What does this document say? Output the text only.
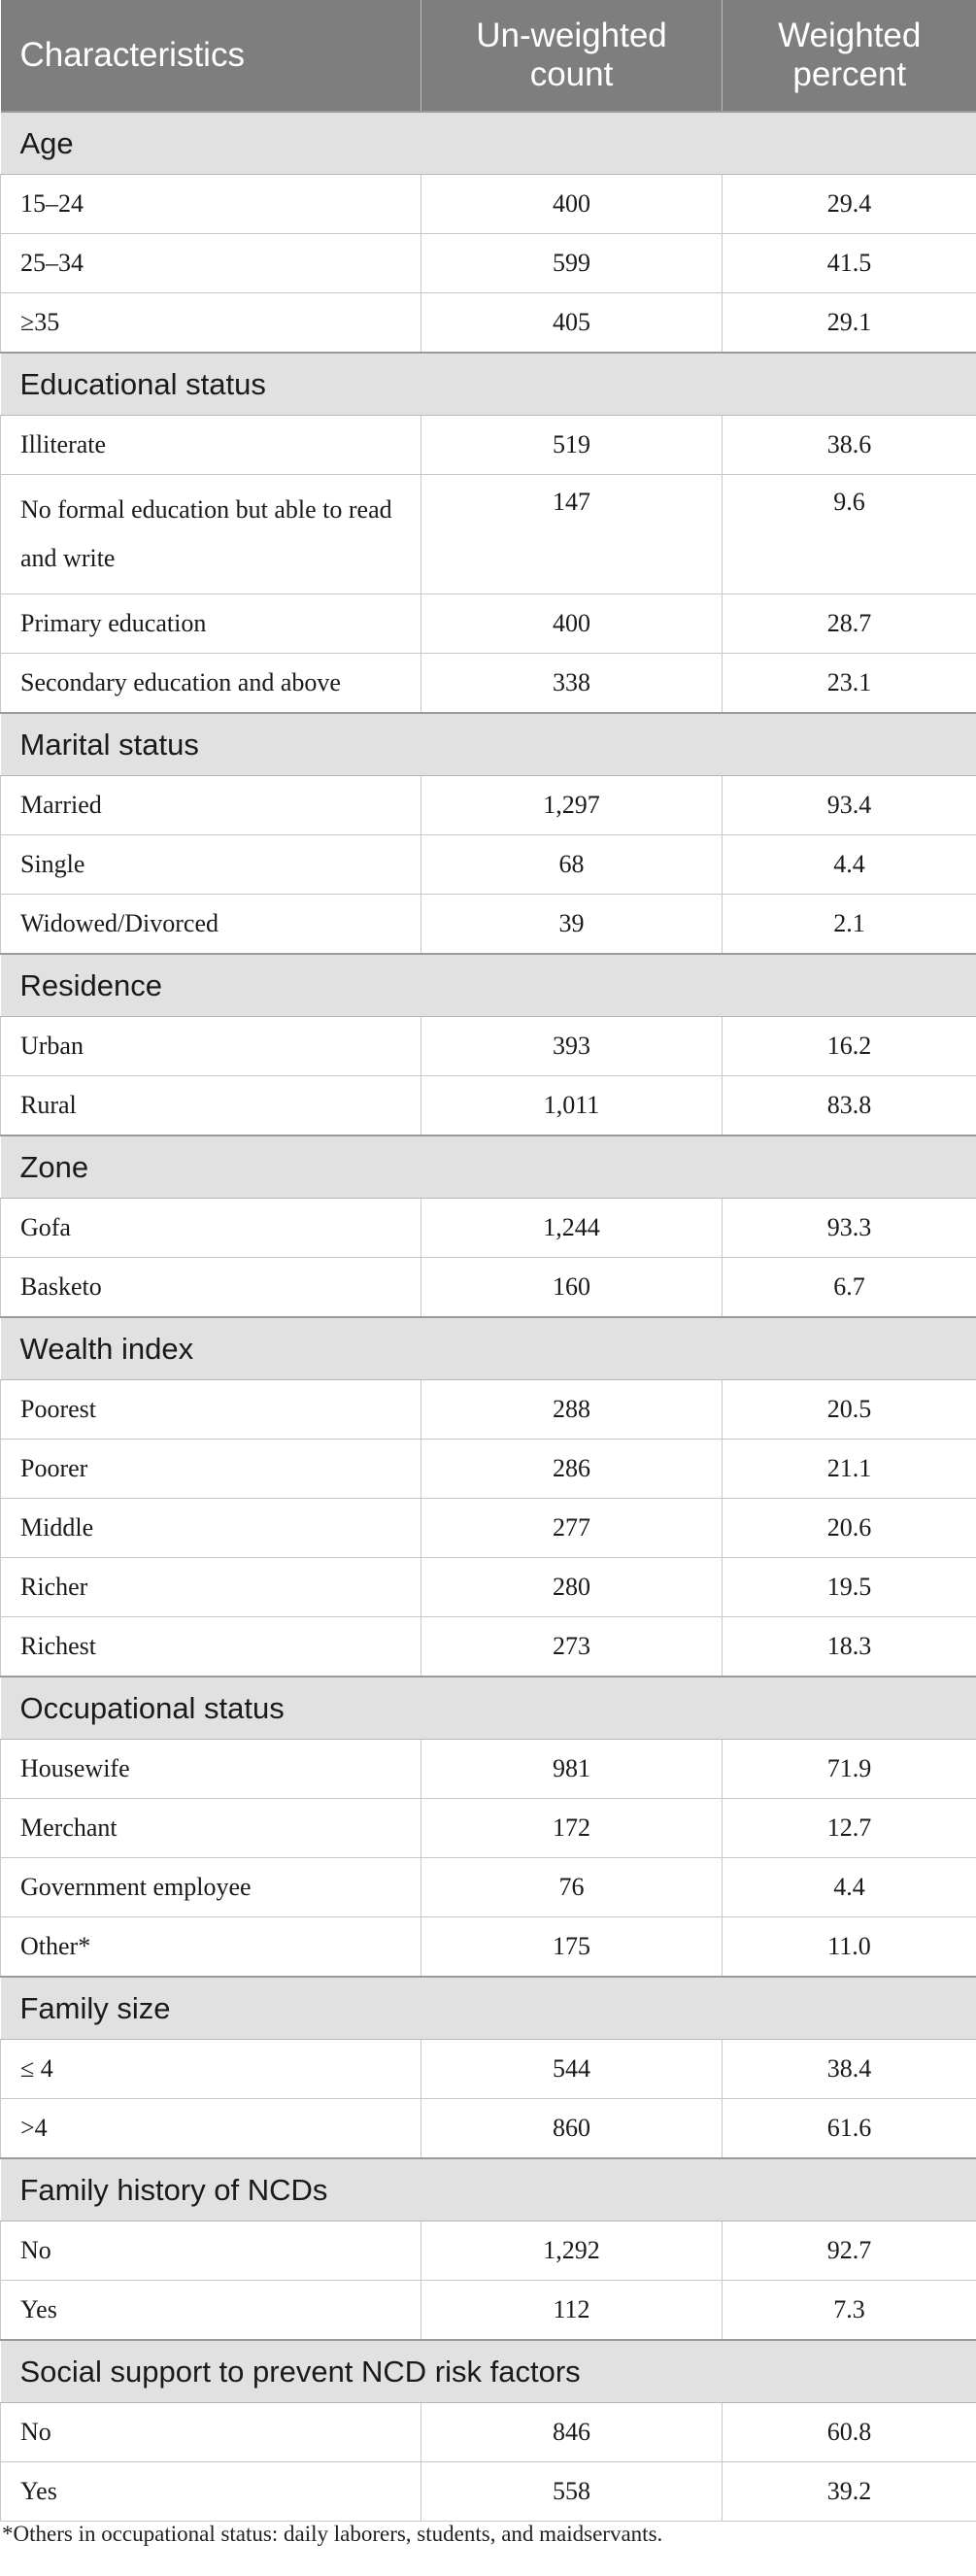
Characteristics	Un-weighted count	Weighted percent
Age		
15–24	400	29.4
25–34	599	41.5
≥35	405	29.1
Educational status		
Illiterate	519	38.6
No formal education but able to read and write	147	9.6
Primary education	400	28.7
Secondary education and above	338	23.1
Marital status		
Married	1,297	93.4
Single	68	4.4
Widowed/Divorced	39	2.1
Residence		
Urban	393	16.2
Rural	1,011	83.8
Zone		
Gofa	1,244	93.3
Basketo	160	6.7
Wealth index		
Poorest	288	20.5
Poorer	286	21.1
Middle	277	20.6
Richer	280	19.5
Richest	273	18.3
Occupational status		
Housewife	981	71.9
Merchant	172	12.7
Government employee	76	4.4
Other*	175	11.0
Family size		
≤ 4	544	38.4
>4	860	61.6
Family history of NCDs		
No	1,292	92.7
Yes	112	7.3
Social support to prevent NCD risk factors		
No	846	60.8
Yes	558	39.2
*Others in occupational status: daily laborers, students, and maidservants.
